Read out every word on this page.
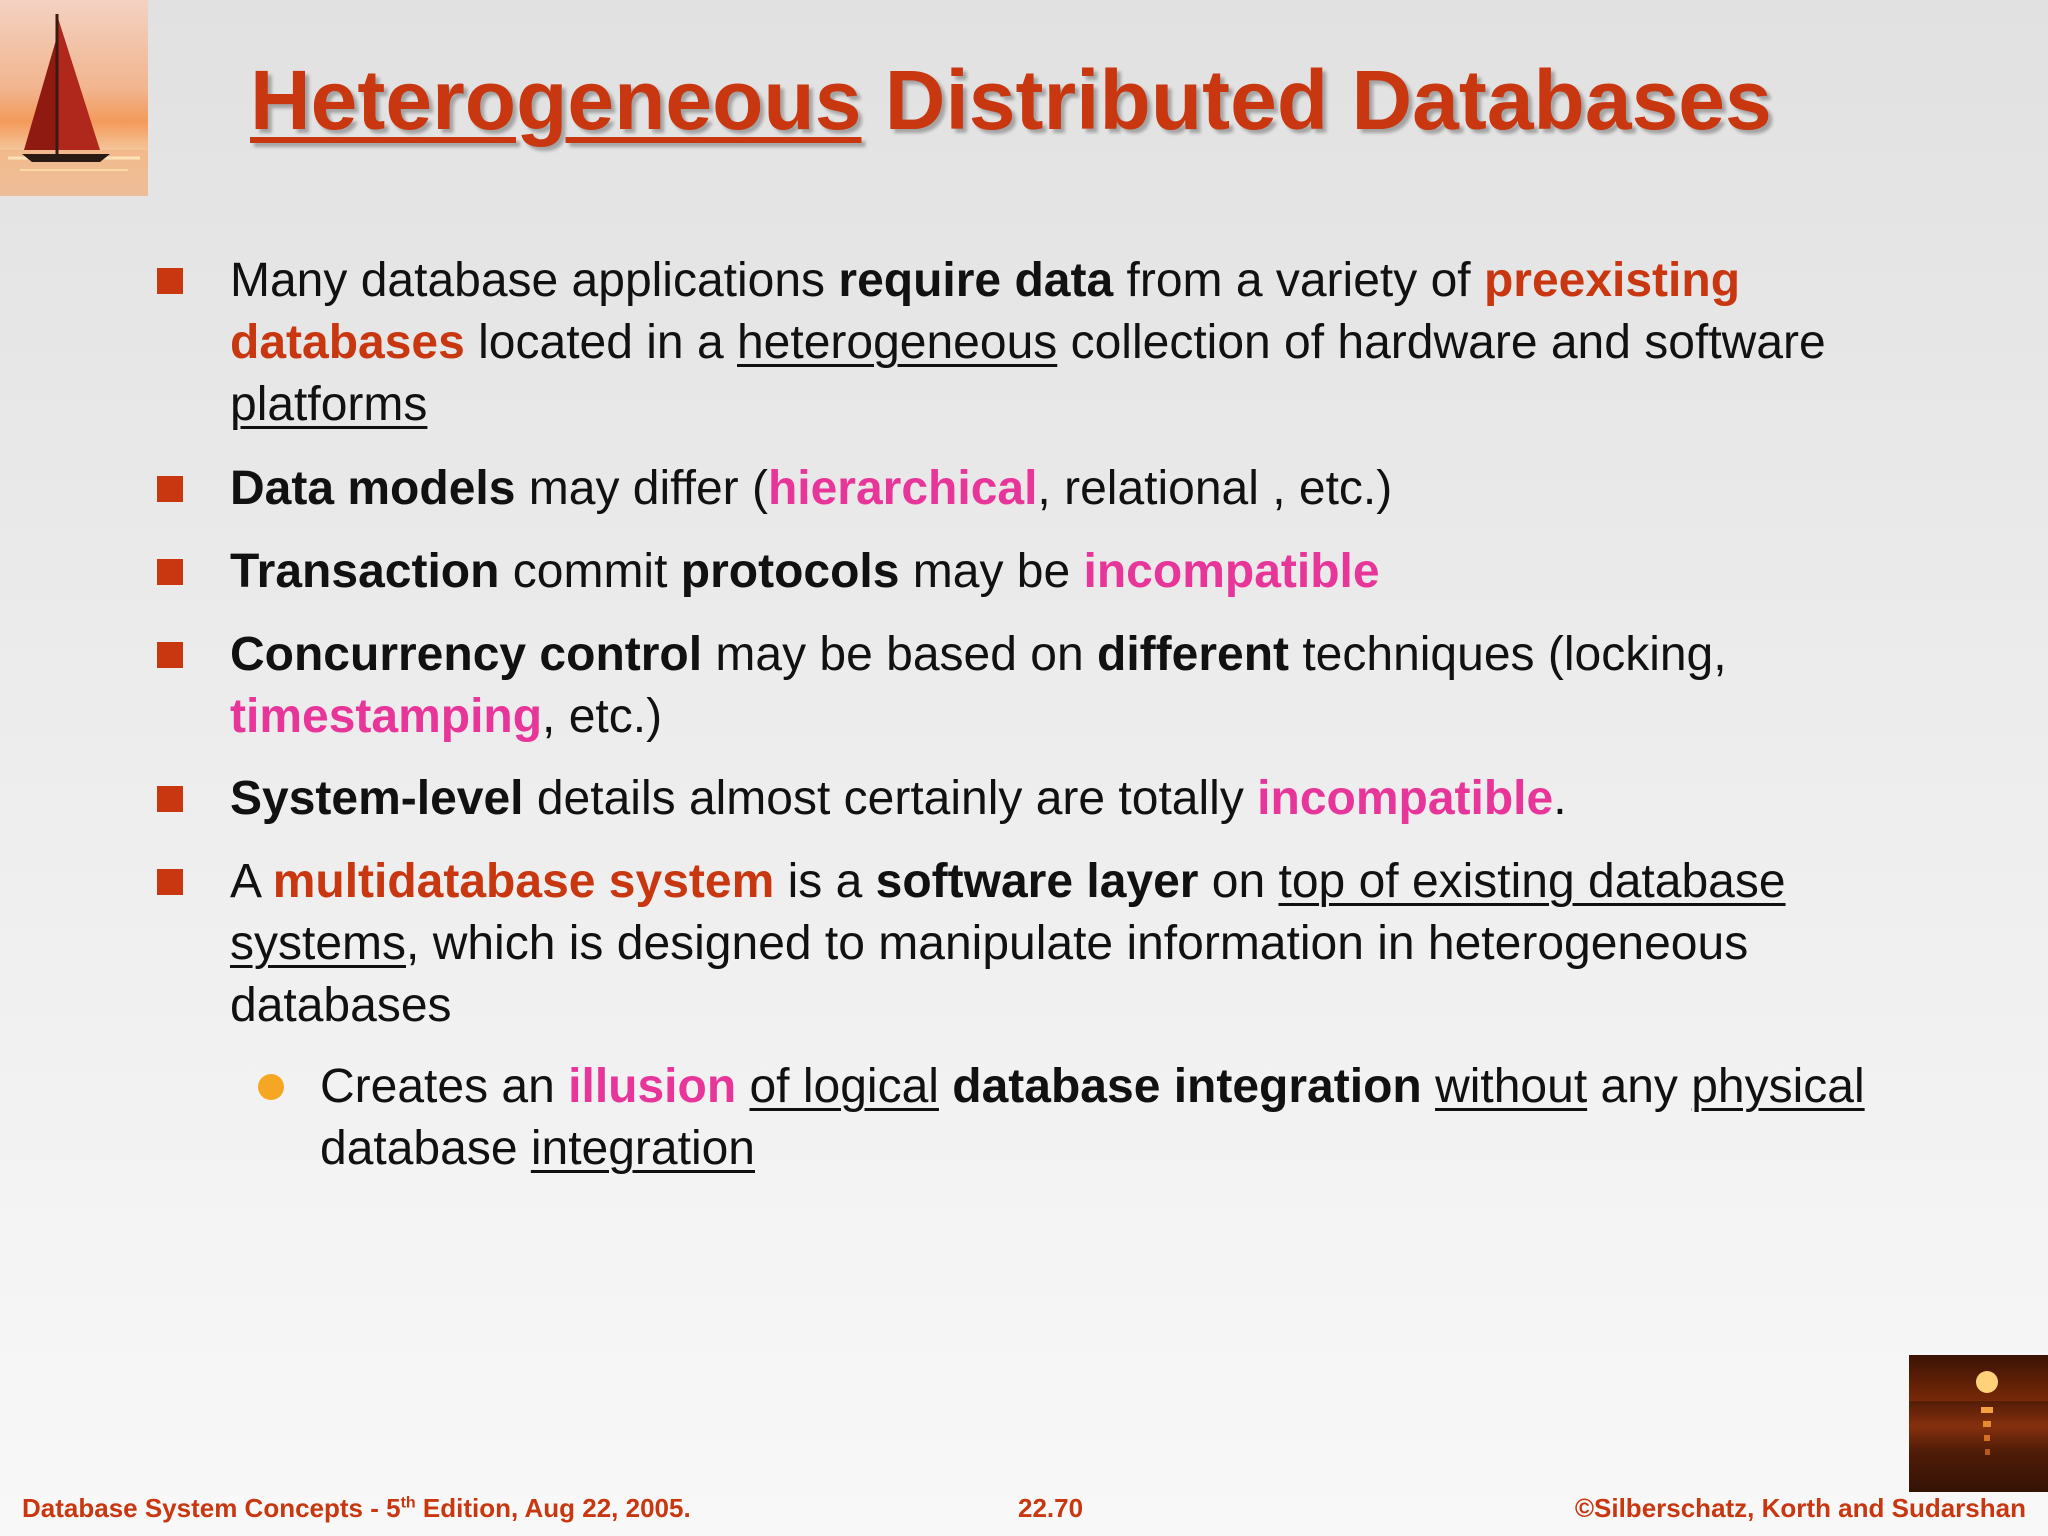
Heterogeneous Distributed Databases
Many database applications require data from a variety of preexisting databases located in a heterogeneous collection of hardware and software platforms
Data models may differ (hierarchical, relational , etc.)
Transaction commit protocols may be incompatible
Concurrency control may be based on different techniques (locking, timestamping, etc.)
System-level details almost certainly are totally incompatible.
A multidatabase system is a software layer on top of existing database systems, which is designed to manipulate information in heterogeneous databases
Creates an illusion of logical database integration without any physical database integration
Database System Concepts - 5th Edition, Aug 22, 2005.	22.70	©Silberschatz, Korth and Sudarshan
